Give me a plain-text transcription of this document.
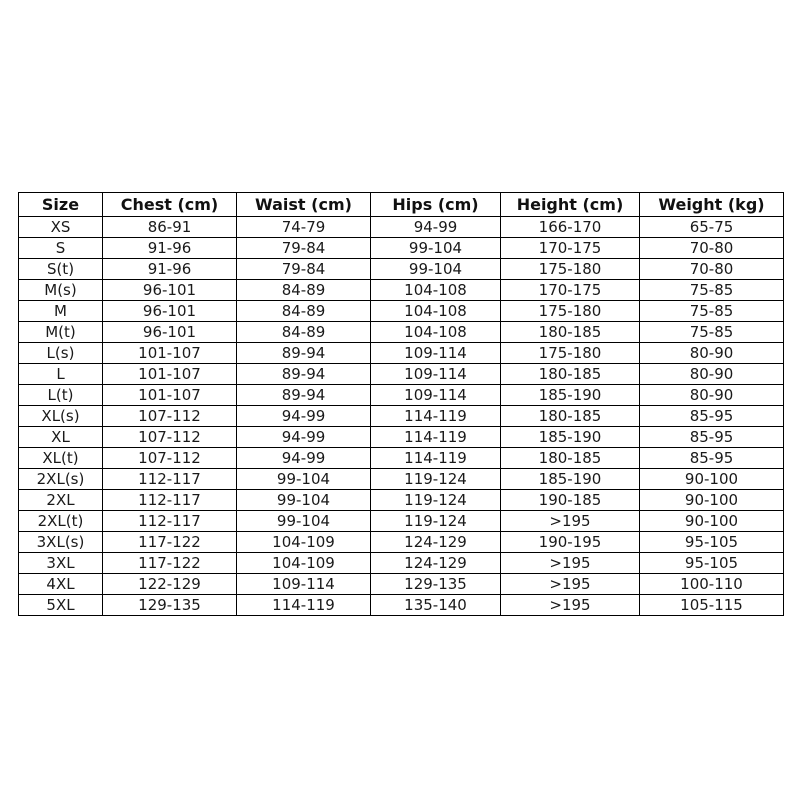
Size	Chest (cm)	Waist (cm)	Hips (cm)	Height (cm)	Weight (kg)
XS	86-91	74-79	94-99	166-170	65-75
S	91-96	79-84	99-104	170-175	70-80
S(t)	91-96	79-84	99-104	175-180	70-80
M(s)	96-101	84-89	104-108	170-175	75-85
M	96-101	84-89	104-108	175-180	75-85
M(t)	96-101	84-89	104-108	180-185	75-85
L(s)	101-107	89-94	109-114	175-180	80-90
L	101-107	89-94	109-114	180-185	80-90
L(t)	101-107	89-94	109-114	185-190	80-90
XL(s)	107-112	94-99	114-119	180-185	85-95
XL	107-112	94-99	114-119	185-190	85-95
XL(t)	107-112	94-99	114-119	180-185	85-95
2XL(s)	112-117	99-104	119-124	185-190	90-100
2XL	112-117	99-104	119-124	190-185	90-100
2XL(t)	112-117	99-104	119-124	>195	90-100
3XL(s)	117-122	104-109	124-129	190-195	95-105
3XL	117-122	104-109	124-129	>195	95-105
4XL	122-129	109-114	129-135	>195	100-110
5XL	129-135	114-119	135-140	>195	105-115
